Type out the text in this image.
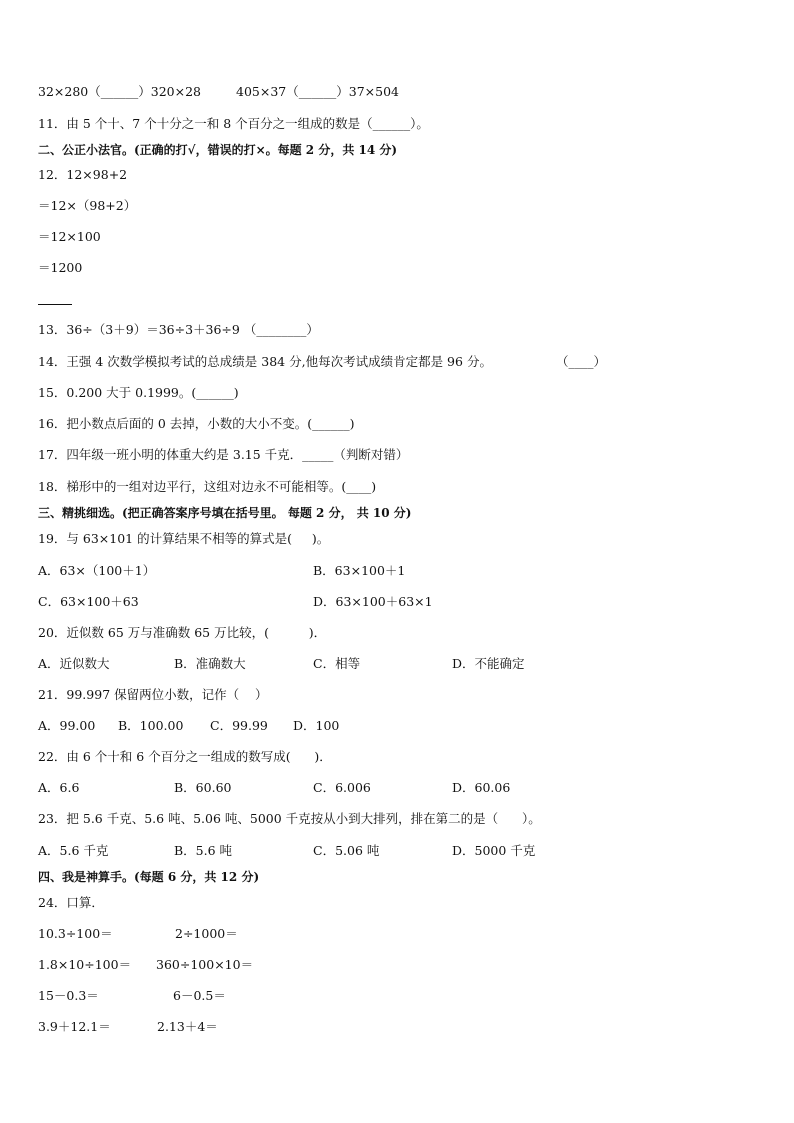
32×280（______）320×28	405×37（______）37×504
11．由 5 个十、7 个十分之一和 8 个百分之一组成的数是（______）。
二、公正小法官。(正确的打√，错误的打×。每题 2 分，共 14 分)
12．12×98+2
＝12×（98+2）
＝12×100
＝1200
13．36÷（3＋9）＝36÷3＋36÷9 （________）
14．王强 4 次数学模拟考试的总成绩是 384 分,他每次考试成绩肯定都是 96 分。	（____）
15．0.200 大于 0.1999。(______)
16．把小数点后面的 0 去掉，小数的大小不变。(______)
17．四年级一班小明的体重大约是 3.15 千克．_____（判断对错）
18．梯形中的一组对边平行，这组对边永不可能相等。(____)
三、精挑细选。(把正确答案序号填在括号里。 每题 2 分， 共 10 分)
19．与 63×101 的计算结果不相等的算式是(     )。
A．63×（100＋1）	B．63×100＋1
C．63×100＋63	D．63×100＋63×1
20．近似数 65 万与准确数 65 万比较，(          )．
A．近似数大	B．准确数大	C．相等	D．不能确定
21．99.997 保留两位小数，记作（    ）
A．99.00 B．100.00 C．99.99 D．100
22．由 6 个十和 6 个百分之一组成的数写成(      )．
A．6.6	B．60.60	C．6.006	D．60.06
23．把 5.6 千克、5.6 吨、5.06 吨、5000 千克按从小到大排列，排在第二的是（      ）。
A．5.6 千克	B．5.6 吨	C．5.06 吨	D．5000 千克
四、我是神算手。(每题 6 分，共 12 分)
24．口算．
10.3÷100＝	2÷1000＝
1.8×10÷100＝ 360÷100×10＝
15－0.3＝	6－0.5＝
3.9＋12.1＝	2.13＋4＝
